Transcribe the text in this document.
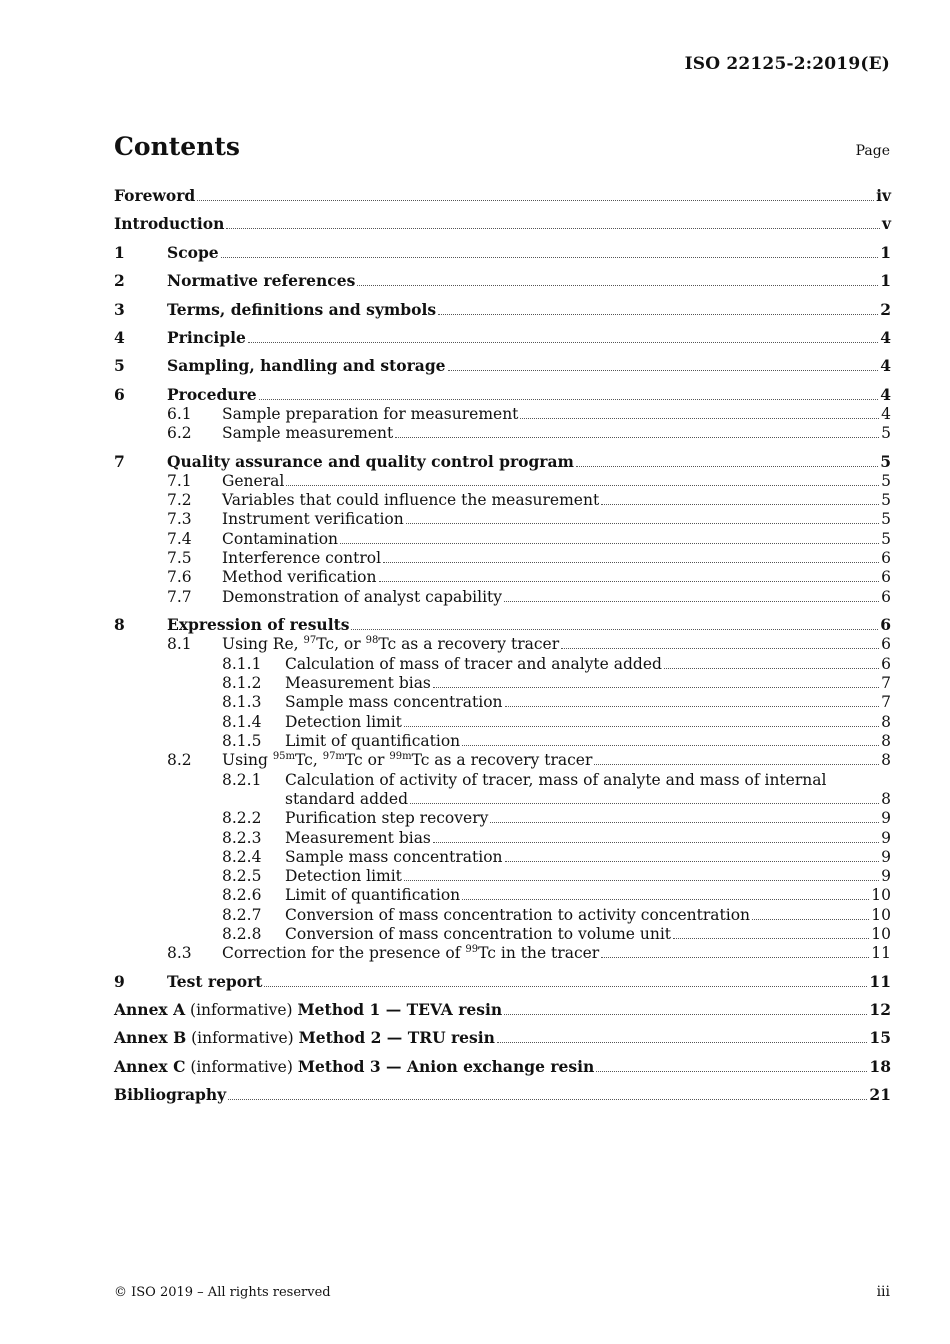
ISO 22125-2:2019(E)
Contents	Page
Foreword	iv
Introduction	v
1	Scope	1
2	Normative references	1
3	Terms, definitions and symbols	2
4	Principle	4
5	Sampling, handling and storage	4
6	Procedure	4
6.1	Sample preparation for measurement	4
6.2	Sample measurement	5
7	Quality assurance and quality control program	5
7.1	General	5
7.2	Variables that could influence the measurement	5
7.3	Instrument verification	5
7.4	Contamination	5
7.5	Interference control	6
7.6	Method verification	6
7.7	Demonstration of analyst capability	6
8	Expression of results	6
8.1	Using Re, $^{97}$Tc, or $^{98}$Tc as a recovery tracer	6
8.1.1	Calculation of mass of tracer and analyte added	6
8.1.2	Measurement bias	7
8.1.3	Sample mass concentration	7
8.1.4	Detection limit	8
8.1.5	Limit of quantification	8
8.2	Using $^{95m}$Tc, $^{97m}$Tc or $^{99m}$Tc as a recovery tracer	8
8.2.1	Calculation of activity of tracer, mass of analyte and mass of internal
standard added	8
8.2.2	Purification step recovery	9
8.2.3	Measurement bias	9
8.2.4	Sample mass concentration	9
8.2.5	Detection limit	9
8.2.6	Limit of quantification	10
8.2.7	Conversion of mass concentration to activity concentration	10
8.2.8	Conversion of mass concentration to volume unit	10
8.3	Correction for the presence of $^{99}$Tc in the tracer	11
9	Test report	11
Annex A (informative) Method 1 — TEVA resin	12
Annex B (informative) Method 2 — TRU resin	15
Annex C (informative) Method 3 — Anion exchange resin	18
Bibliography	21
© ISO 2019 – All rights reserved	iii
